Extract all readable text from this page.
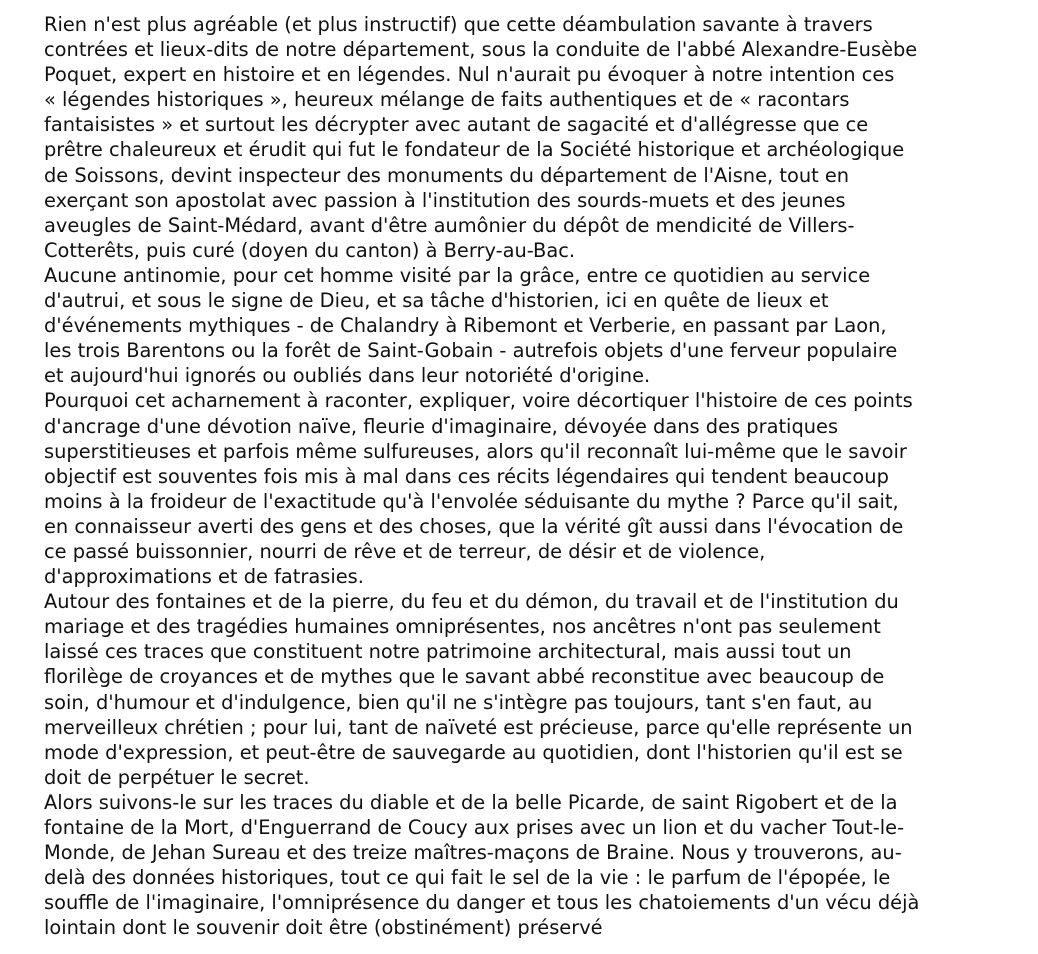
Rien n'est plus agréable (et plus instructif) que cette déambulation savante à travers
contrées et lieux-dits de notre département, sous la conduite de l'abbé Alexandre-Eusèbe
Poquet, expert en histoire et en légendes. Nul n'aurait pu évoquer à notre intention ces
« légendes historiques », heureux mélange de faits authentiques et de « racontars
fantaisistes » et surtout les décrypter avec autant de sagacité et d'allégresse que ce
prêtre chaleureux et érudit qui fut le fondateur de la Société historique et archéologique
de Soissons, devint inspecteur des monuments du département de l'Aisne, tout en
exerçant son apostolat avec passion à l'institution des sourds-muets et des jeunes
aveugles de Saint-Médard, avant d'être aumônier du dépôt de mendicité de Villers-
Cotterêts, puis curé (doyen du canton) à Berry-au-Bac.
Aucune antinomie, pour cet homme visité par la grâce, entre ce quotidien au service
d'autrui, et sous le signe de Dieu, et sa tâche d'historien, ici en quête de lieux et
d'événements mythiques - de Chalandry à Ribemont et Verberie, en passant par Laon,
les trois Barentons ou la forêt de Saint-Gobain - autrefois objets d'une ferveur populaire
et aujourd'hui ignorés ou oubliés dans leur notoriété d'origine.
Pourquoi cet acharnement à raconter, expliquer, voire décortiquer l'histoire de ces points
d'ancrage d'une dévotion naïve, fleurie d'imaginaire, dévoyée dans des pratiques
superstitieuses et parfois même sulfureuses, alors qu'il reconnaît lui-même que le savoir
objectif est souventes fois mis à mal dans ces récits légendaires qui tendent beaucoup
moins à la froideur de l'exactitude qu'à l'envolée séduisante du mythe ? Parce qu'il sait,
en connaisseur averti des gens et des choses, que la vérité gît aussi dans l'évocation de
ce passé buissonnier, nourri de rêve et de terreur, de désir et de violence,
d'approximations et de fatrasies.
Autour des fontaines et de la pierre, du feu et du démon, du travail et de l'institution du
mariage et des tragédies humaines omniprésentes, nos ancêtres n'ont pas seulement
laissé ces traces que constituent notre patrimoine architectural, mais aussi tout un
florilège de croyances et de mythes que le savant abbé reconstitue avec beaucoup de
soin, d'humour et d'indulgence, bien qu'il ne s'intègre pas toujours, tant s'en faut, au
merveilleux chrétien ; pour lui, tant de naïveté est précieuse, parce qu'elle représente un
mode d'expression, et peut-être de sauvegarde au quotidien, dont l'historien qu'il est se
doit de perpétuer le secret.
Alors suivons-le sur les traces du diable et de la belle Picarde, de saint Rigobert et de la
fontaine de la Mort, d'Enguerrand de Coucy aux prises avec un lion et du vacher Tout-le-
Monde, de Jehan Sureau et des treize maîtres-maçons de Braine. Nous y trouverons, au-
delà des données historiques, tout ce qui fait le sel de la vie : le parfum de l'épopée, le
souffle de l'imaginaire, l'omniprésence du danger et tous les chatoiements d'un vécu déjà
lointain dont le souvenir doit être (obstinément) préservé
